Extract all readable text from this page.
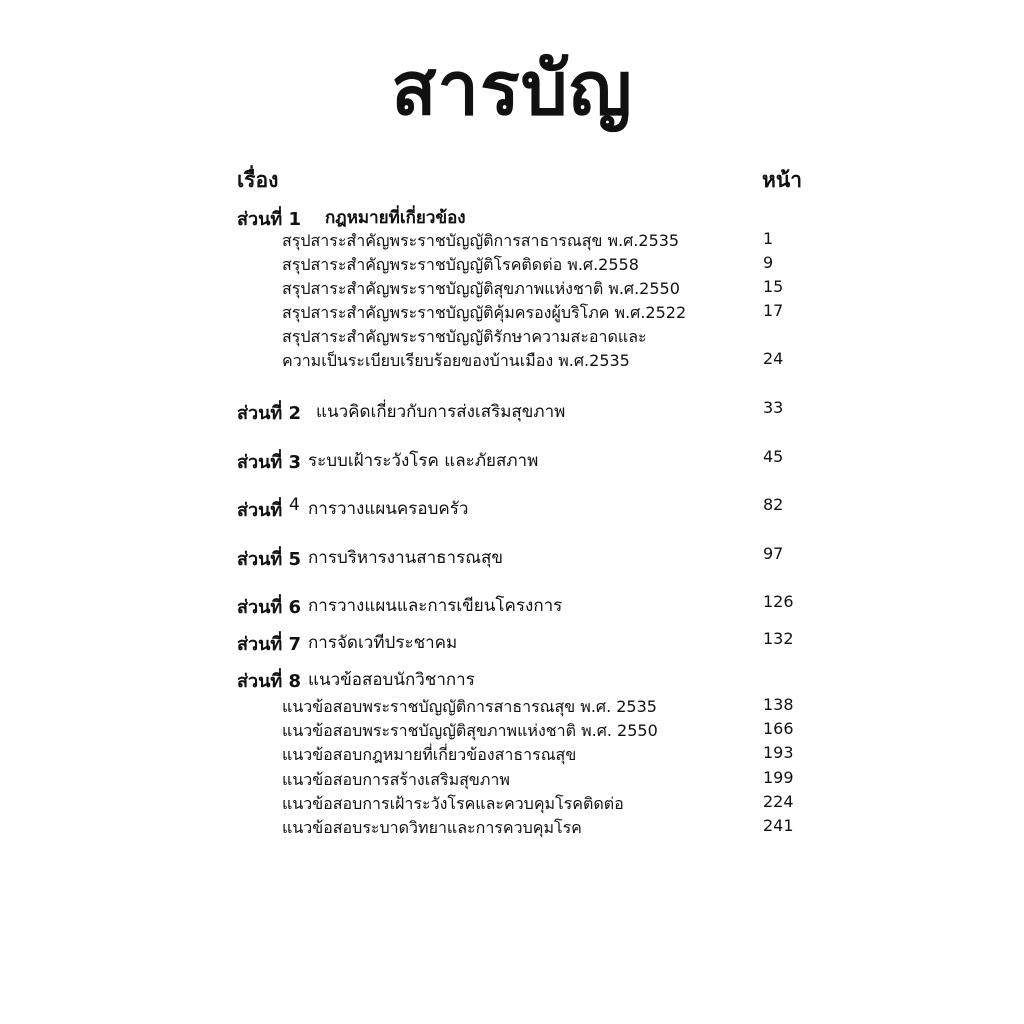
สารบัญ
เรื่อง	หน้า
ส่วนที่ 1 กฎหมายที่เกี่ยวข้อง
สรุปสาระสำคัญพระราชบัญญัติการสาธารณสุข พ.ศ.2535	1
สรุปสาระสำคัญพระราชบัญญัติโรคติดต่อ พ.ศ.2558	9
สรุปสาระสำคัญพระราชบัญญัติสุขภาพแห่งชาติ พ.ศ.2550	15
สรุปสาระสำคัญพระราชบัญญัติคุ้มครองผู้บริโภค พ.ศ.2522	17
สรุปสาระสำคัญพระราชบัญญัติรักษาความสะอาดและ
ความเป็นระเบียบเรียบร้อยของบ้านเมือง พ.ศ.2535	24
ส่วนที่ 2 แนวคิดเกี่ยวกับการส่งเสริมสุขภาพ	33
ส่วนที่ 3 ระบบเฝ้าระวังโรค และภัยสภาพ	45
ส่วนที่ 4 การวางแผนครอบครัว	82
ส่วนที่ 5 การบริหารงานสาธารณสุข	97
ส่วนที่ 6 การวางแผนและการเขียนโครงการ	126
ส่วนที่ 7 การจัดเวทีประชาคม	132
ส่วนที่ 8 แนวข้อสอบนักวิชาการ
แนวข้อสอบพระราชบัญญัติการสาธารณสุข พ.ศ. 2535	138
แนวข้อสอบพระราชบัญญัติสุขภาพแห่งชาติ พ.ศ. 2550	166
แนวข้อสอบกฎหมายที่เกี่ยวข้องสาธารณสุข	193
แนวข้อสอบการสร้างเสริมสุขภาพ	199
แนวข้อสอบการเฝ้าระวังโรคและควบคุมโรคติดต่อ	224
แนวข้อสอบระบาดวิทยาและการควบคุมโรค	241
